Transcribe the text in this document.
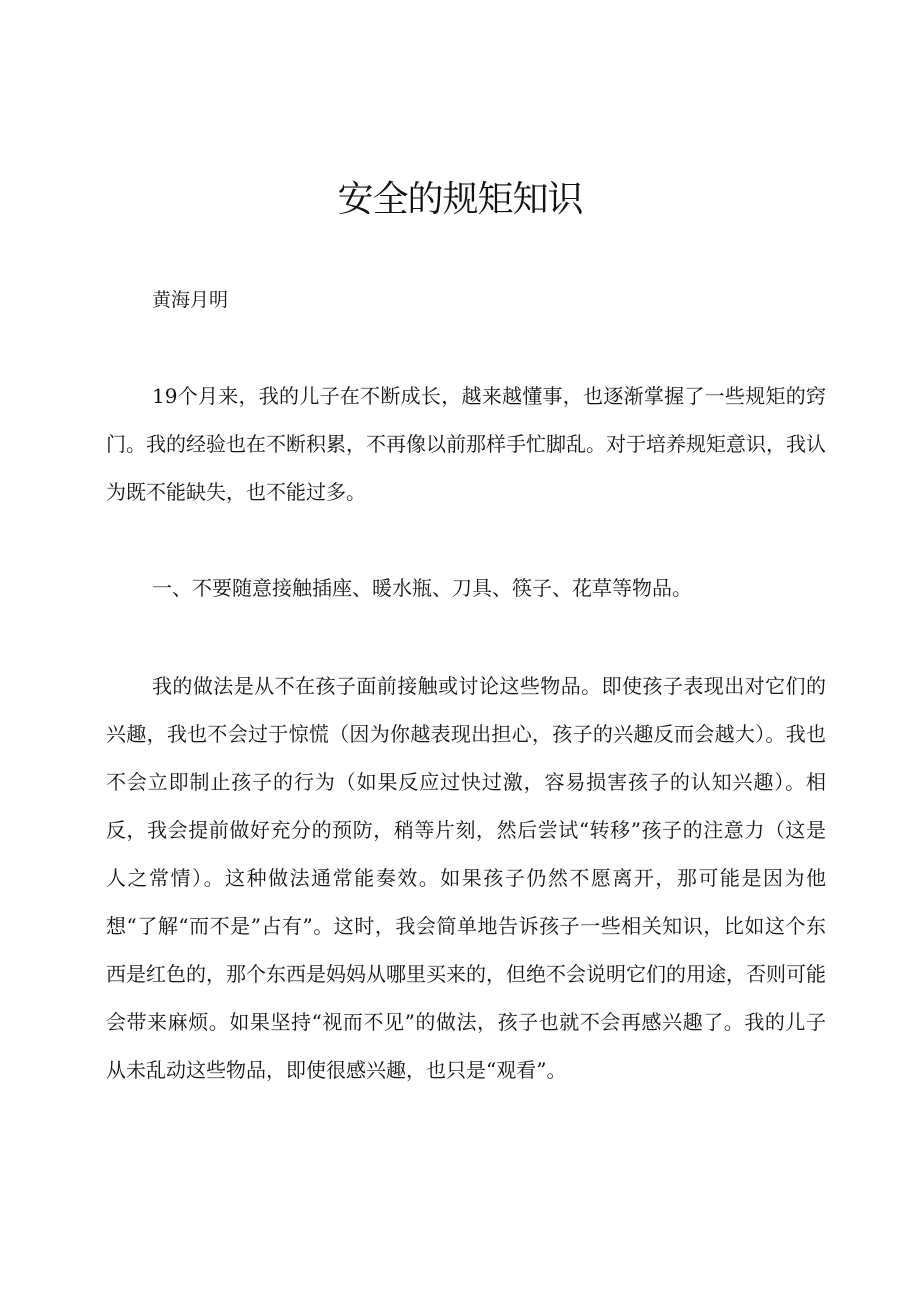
安全的规矩知识

黄海月明

19个月来，我的儿子在不断成长，越来越懂事，也逐渐掌握了一些规矩的窍门。我的经验也在不断积累，不再像以前那样手忙脚乱。对于培养规矩意识，我认为既不能缺失，也不能过多。

一、不要随意接触插座、暖水瓶、刀具、筷子、花草等物品。

我的做法是从不在孩子面前接触或讨论这些物品。即使孩子表现出对它们的兴趣，我也不会过于惊慌（因为你越表现出担心，孩子的兴趣反而会越大）。我也不会立即制止孩子的行为（如果反应过快过激，容易损害孩子的认知兴趣）。相反，我会提前做好充分的预防，稍等片刻，然后尝试“转移”孩子的注意力（这是人之常情）。这种做法通常能奏效。如果孩子仍然不愿离开，那可能是因为他想“了解“而不是”占有”。这时，我会简单地告诉孩子一些相关知识，比如这个东西是红色的，那个东西是妈妈从哪里买来的，但绝不会说明它们的用途，否则可能会带来麻烦。如果坚持“视而不见”的做法，孩子也就不会再感兴趣了。我的儿子从未乱动这些物品，即使很感兴趣，也只是“观看”。
